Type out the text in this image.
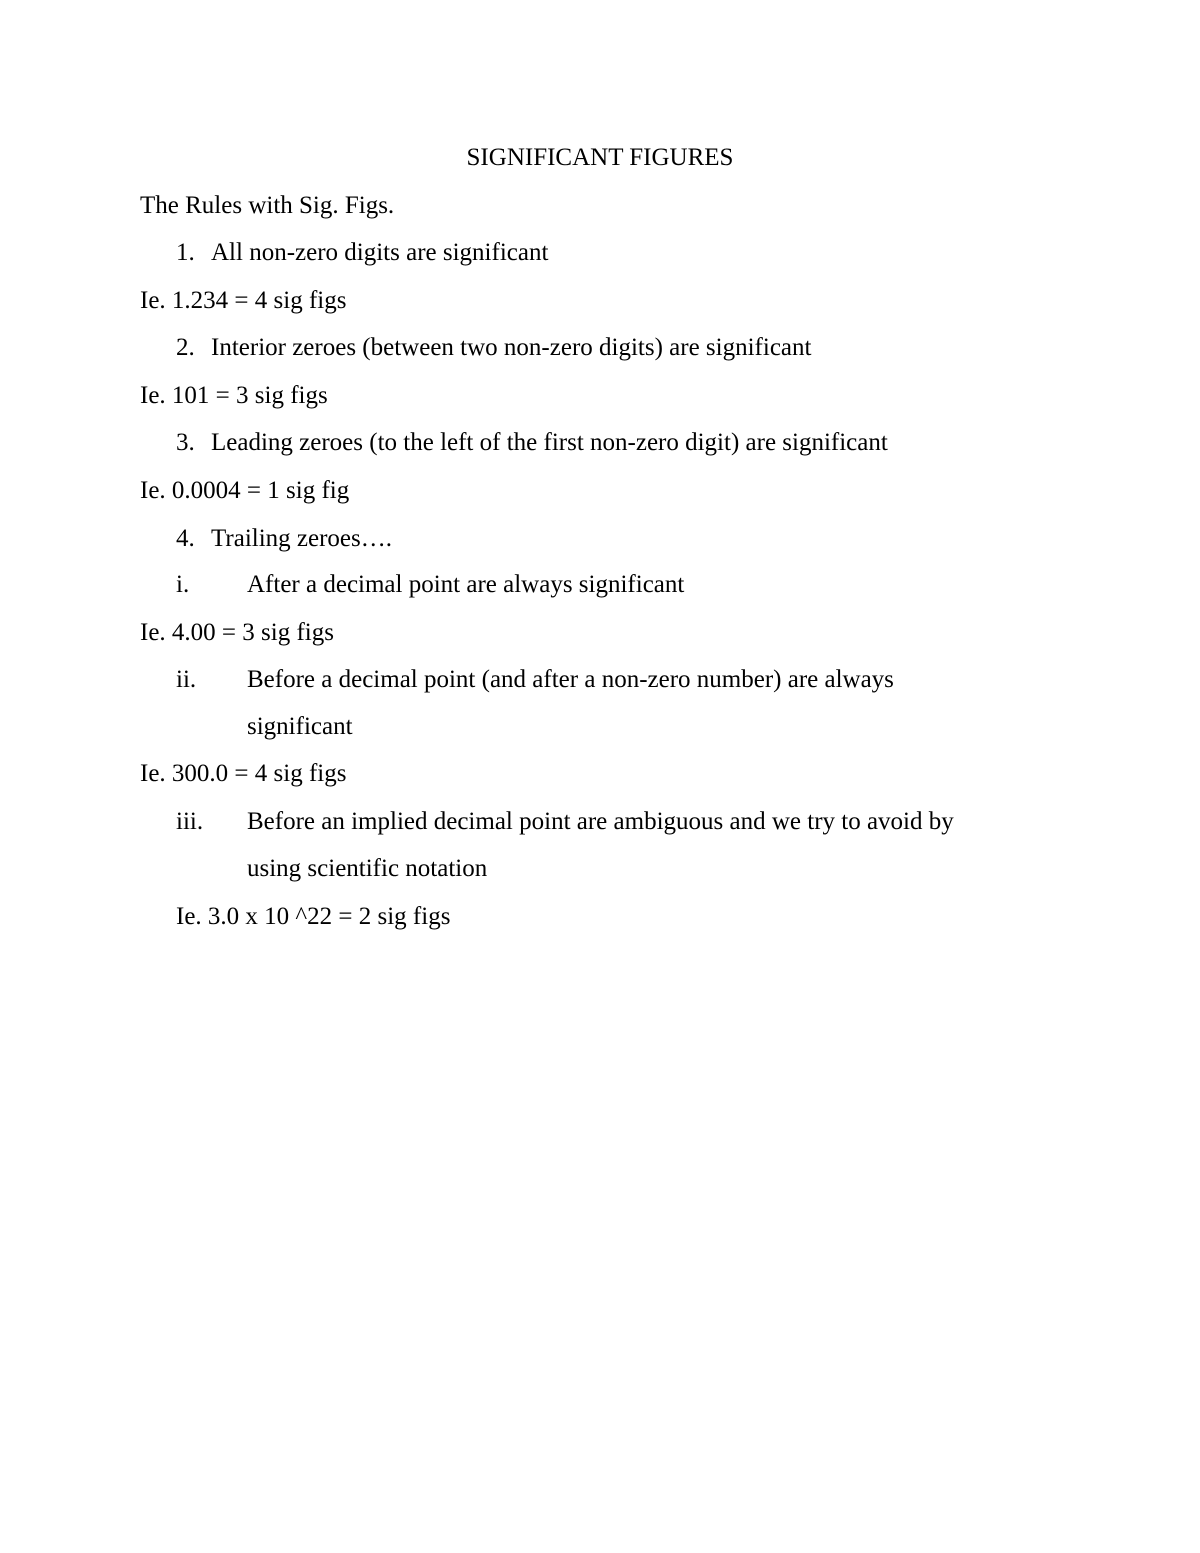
SIGNIFICANT FIGURES
The Rules with Sig. Figs.
1. All non-zero digits are significant
Ie. 1.234 = 4 sig figs
2. Interior zeroes (between two non-zero digits) are significant
Ie. 101 = 3 sig figs
3. Leading zeroes (to the left of the first non-zero digit) are significant
Ie. 0.0004 = 1 sig fig
4. Trailing zeroes….
i. After a decimal point are always significant
Ie. 4.00 = 3 sig figs
ii. Before a decimal point (and after a non-zero number) are always
significant
Ie. 300.0 = 4 sig figs
iii. Before an implied decimal point are ambiguous and we try to avoid by
using scientific notation
Ie. 3.0 x 10 ^22 = 2 sig figs
